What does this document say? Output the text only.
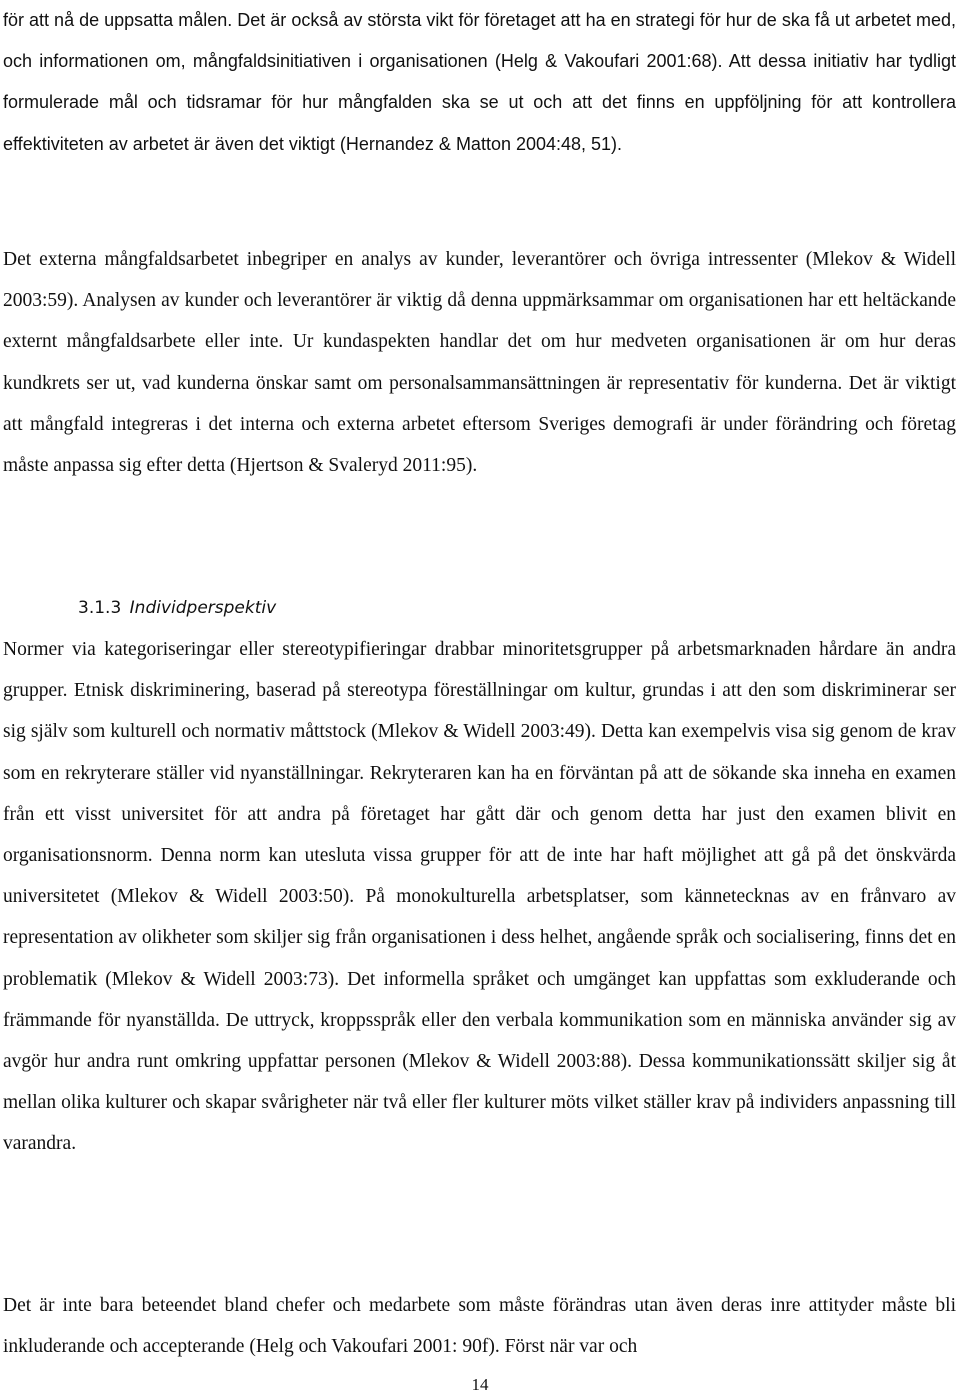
för att nå de uppsatta målen. Det är också av största vikt för företaget att ha en strategi för hur de ska få ut arbetet med, och informationen om, mångfaldsinitiativen i organisationen (Helg & Vakoufari 2001:68). Att dessa initiativ har tydligt formulerade mål och tidsramar för hur mångfalden ska se ut och att det finns en uppföljning för att kontrollera effektiviteten av arbetet är även det viktigt (Hernandez & Matton 2004:48, 51).

Det externa mångfaldsarbetet inbegriper en analys av kunder, leverantörer och övriga intressenter (Mlekov & Widell 2003:59). Analysen av kunder och leverantörer är viktig då denna uppmärksammar om organisationen har ett heltäckande externt mångfaldsarbete eller inte. Ur kundaspekten handlar det om hur medveten organisationen är om hur deras kundkrets ser ut, vad kunderna önskar samt om personalsammansättningen är representativ för kunderna. Det är viktigt att mångfald integreras i det interna och externa arbetet eftersom Sveriges demografi är under förändring och företag måste anpassa sig efter detta (Hjertson & Svaleryd 2011:95).

3.1.3 Individperspektiv

Normer via kategoriseringar eller stereotypifieringar drabbar minoritetsgrupper på arbetsmarknaden hårdare än andra grupper. Etnisk diskriminering, baserad på stereotypa föreställningar om kultur, grundas i att den som diskriminerar ser sig själv som kulturell och normativ måttstock (Mlekov & Widell 2003:49). Detta kan exempelvis visa sig genom de krav som en rekryterare ställer vid nyanställningar. Rekryteraren kan ha en förväntan på att de sökande ska inneha en examen från ett visst universitet för att andra på företaget har gått där och genom detta har just den examen blivit en organisationsnorm. Denna norm kan utesluta vissa grupper för att de inte har haft möjlighet att gå på det önskvärda universitetet (Mlekov & Widell 2003:50). På monokulturella arbetsplatser, som kännetecknas av en frånvaro av representation av olikheter som skiljer sig från organisationen i dess helhet, angående språk och socialisering, finns det en problematik (Mlekov & Widell 2003:73). Det informella språket och umgänget kan uppfattas som exkluderande och främmande för nyanställda. De uttryck, kroppsspråk eller den verbala kommunikation som en människa använder sig av avgör hur andra runt omkring uppfattar personen (Mlekov & Widell 2003:88). Dessa kommunikationssätt skiljer sig åt mellan olika kulturer och skapar svårigheter när två eller fler kulturer möts vilket ställer krav på individers anpassning till varandra.

Det är inte bara beteendet bland chefer och medarbete som måste förändras utan även deras inre attityder måste bli inkluderande och accepterande (Helg och Vakoufari 2001: 90f). Först när var och

14
